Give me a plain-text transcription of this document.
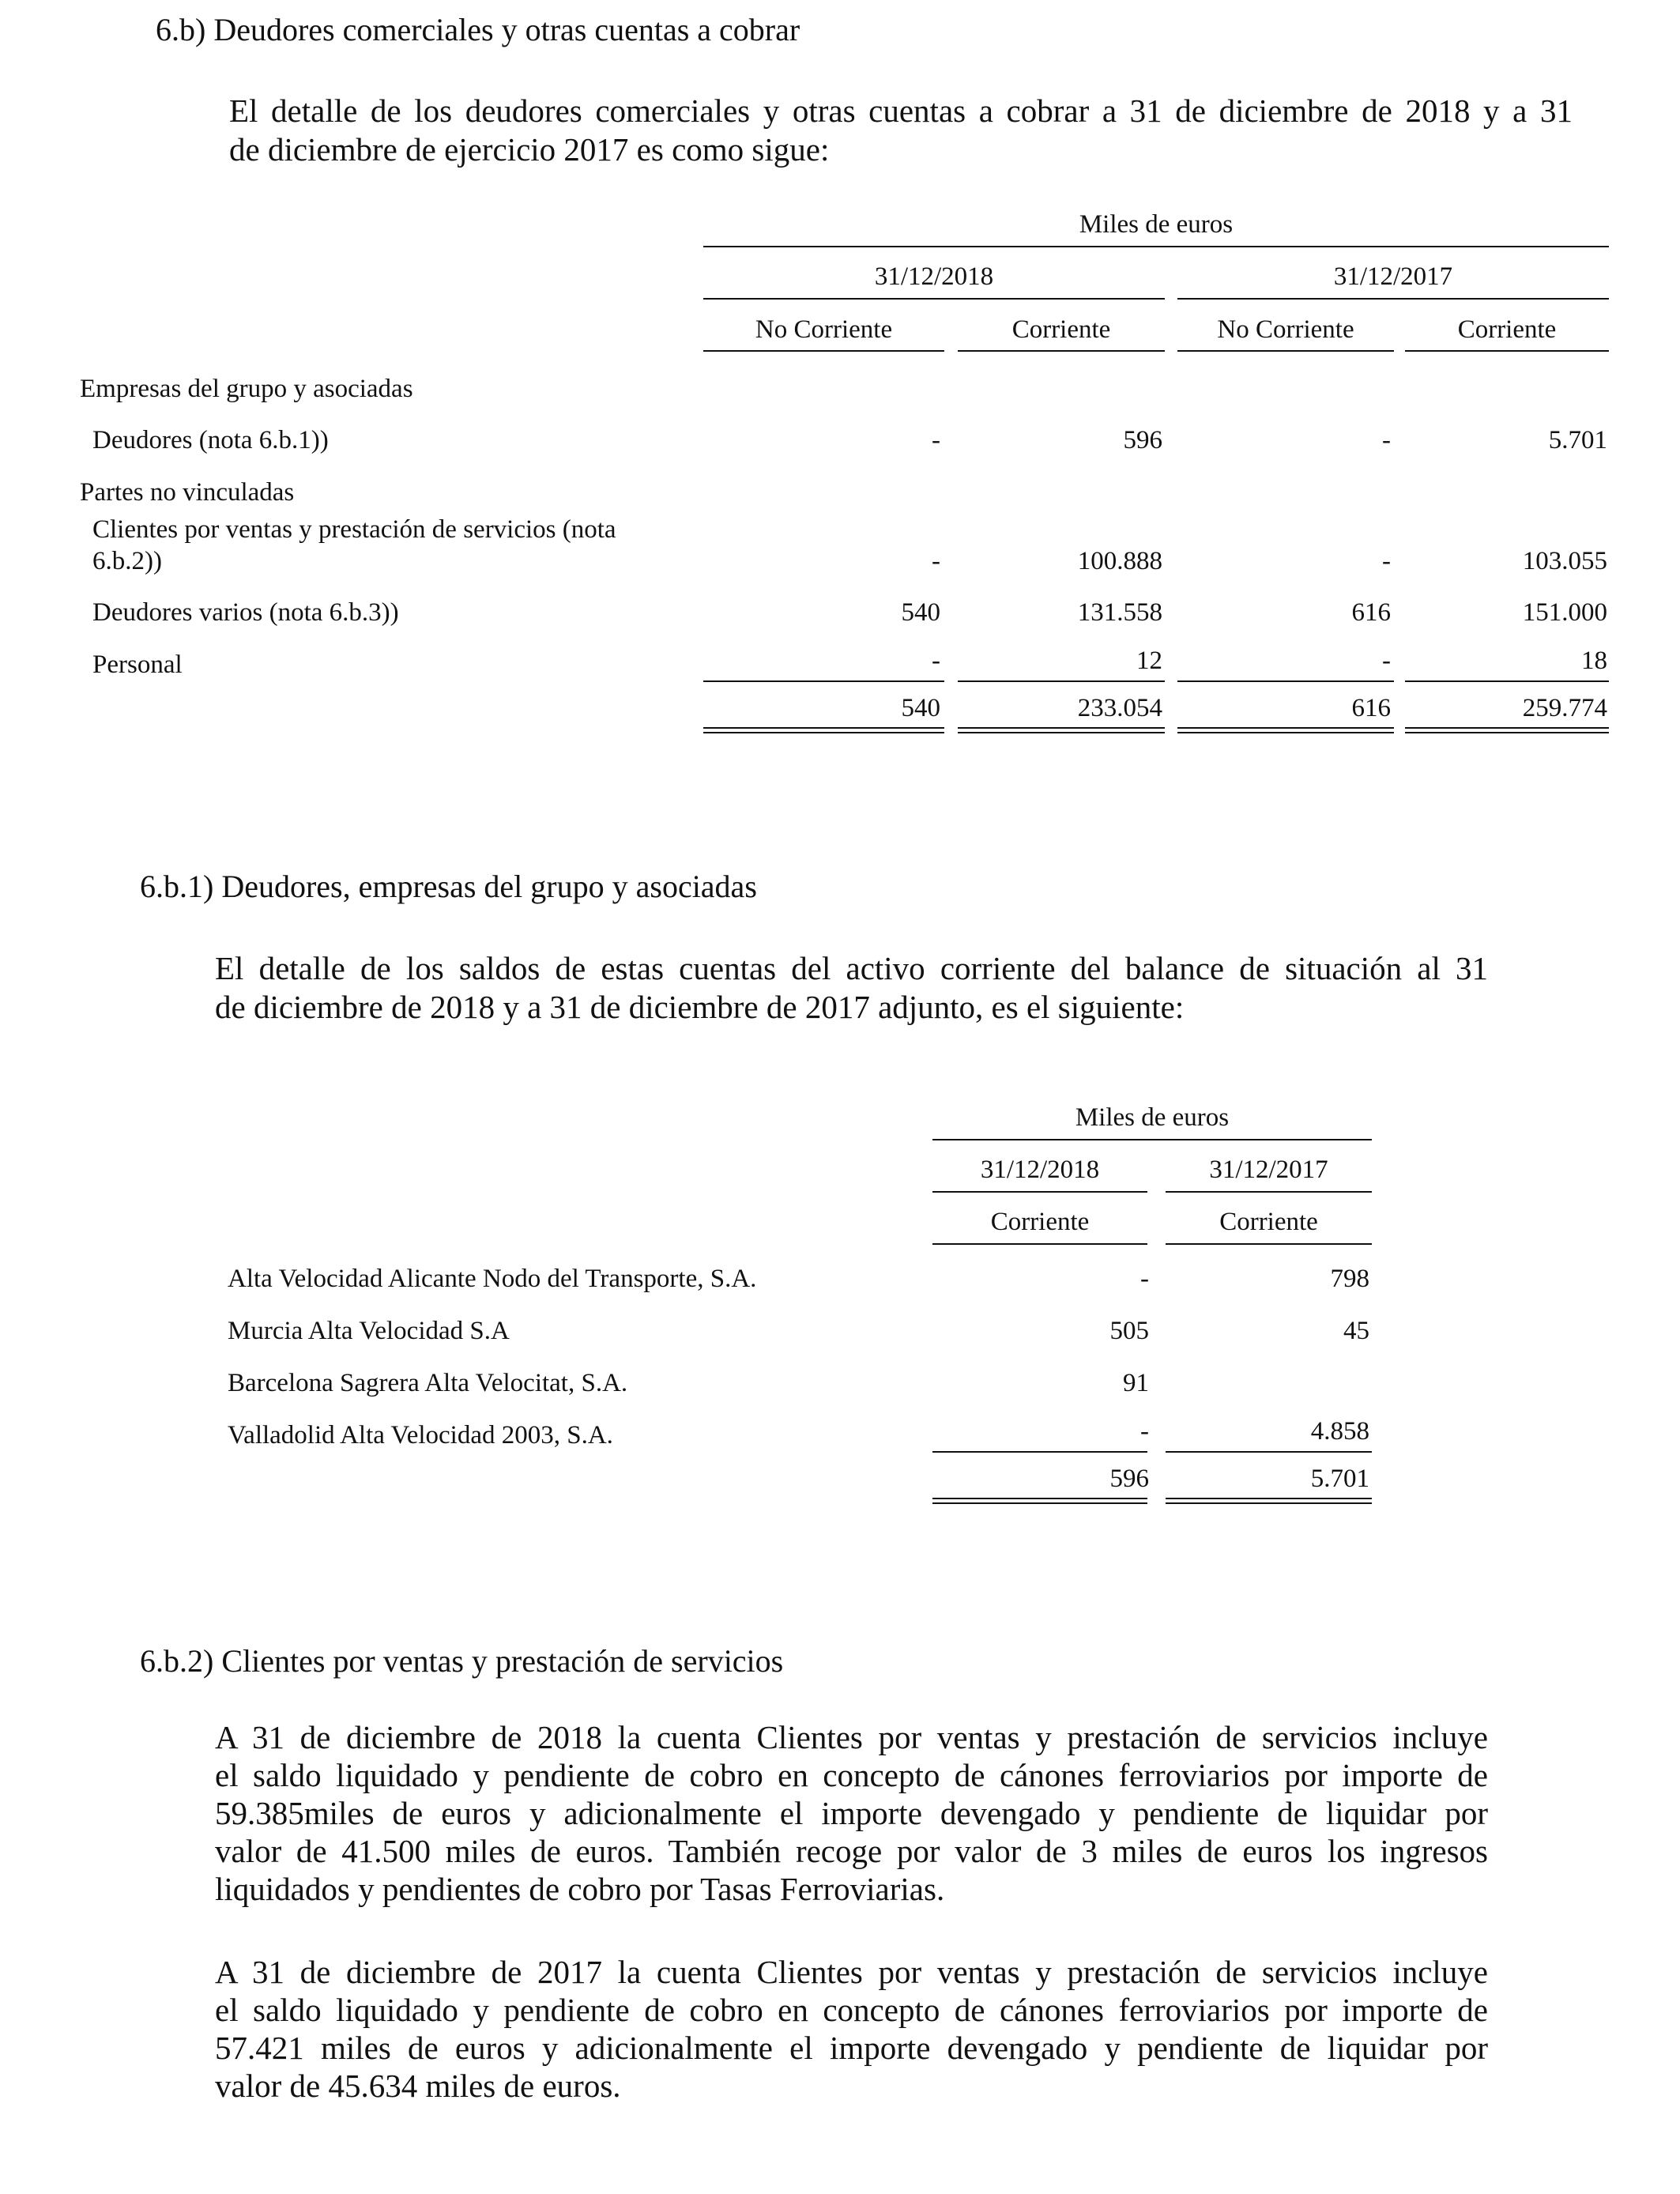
6.b) Deudores comerciales y otras cuentas a cobrar
El detalle de los deudores comerciales y otras cuentas a cobrar a 31 de diciembre de 2018 y a 31
de diciembre de ejercicio 2017 es como sigue:
Miles de euros
31/12/2018	31/12/2017
No Corriente	Corriente	No Corriente	Corriente
Empresas del grupo y asociadas
Deudores (nota 6.b.1))	-	596	-	5.701
Partes no vinculadas
Clientes por ventas y prestación de servicios (nota
6.b.2))	-	100.888	-	103.055
Deudores varios (nota 6.b.3))	540	131.558	616	151.000
Personal	-	12	-	18
540	233.054	616	259.774
6.b.1) Deudores, empresas del grupo y asociadas
El detalle de los saldos de estas cuentas del activo corriente del balance de situación al 31
de diciembre de 2018 y a 31 de diciembre de 2017 adjunto, es el siguiente:
Miles de euros
31/12/2018	31/12/2017
Corriente	Corriente
Alta Velocidad Alicante Nodo del Transporte, S.A.	-	798
Murcia Alta Velocidad S.A	505	45
Barcelona Sagrera Alta Velocitat, S.A.	91
Valladolid Alta Velocidad 2003, S.A.	-	4.858
596	5.701
6.b.2) Clientes por ventas y prestación de servicios
A 31 de diciembre de 2018 la cuenta Clientes por ventas y prestación de servicios incluye
el saldo liquidado y pendiente de cobro en concepto de cánones ferroviarios por importe de
59.385miles de euros y adicionalmente el importe devengado y pendiente de liquidar por
valor de 41.500 miles de euros. También recoge por valor de 3 miles de euros los ingresos
liquidados y pendientes de cobro por Tasas Ferroviarias.
A 31 de diciembre de 2017 la cuenta Clientes por ventas y prestación de servicios incluye
el saldo liquidado y pendiente de cobro en concepto de cánones ferroviarios por importe de
57.421 miles de euros y adicionalmente el importe devengado y pendiente de liquidar por
valor de 45.634 miles de euros.
